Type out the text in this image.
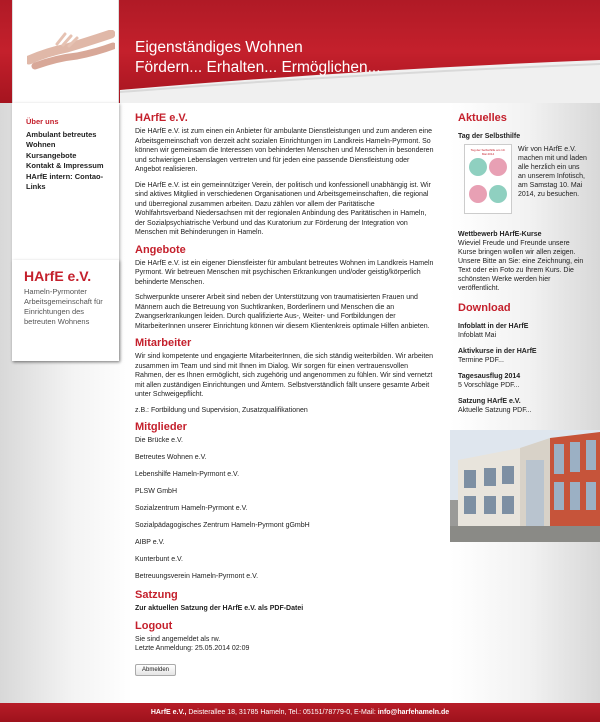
Eigenständiges Wohnen
Fördern... Erhalten... Ermöglichen...
Über uns
Ambulant betreutes Wohnen
Kursangebote
Kontakt & Impressum
HArfE intern: Contao-Links
HArfE e.V.
Hameln-Pyrmonter Arbeitsgemeinschaft für Einrichtungen des betreuten Wohnens
HArfE e.V.

Die HArfE e.V. ist zum einen ein Anbieter für ambulante Dienstleistungen und zum anderen eine Arbeitsgemeinschaft von derzeit acht sozialen Einrichtungen im Landkreis Hameln-Pyrmont. So können wir gemeinsam die Interessen von behinderten Menschen und Menschen in besonderen und schwierigen Lebenslagen vertreten und für jeden eine passende Dienstleistung oder Angebot realisieren.

Die HArfE e.V. ist ein gemeinnütziger Verein, der politisch und konfessionell unabhängig ist. Wir sind aktives Mitglied in verschiedenen Organisationen und Arbeitsgemeinschaften, die regional und überregional zusammen arbeiten. Dazu zählen vor allem der Paritätische Wohlfahrtsverband Niedersachsen mit der regionalen Anbindung des Paritätischen in Hameln, der Sozialpsychiatrische Verbund und das Kuratorium zur Förderung der Integration von Menschen mit Behinderungen in Hameln.

Angebote

Die HArfE e.V. ist ein eigener Dienstleister für ambulant betreutes Wohnen im Landkreis Hameln Pyrmont. Wir betreuen Menschen mit psychischen Erkrankungen und/oder geistig/körperlich behinderte Menschen.

Schwerpunkte unserer Arbeit sind neben der Unterstützung von traumatisierten Frauen und Männern auch die Betreuung von Suchtkranken, Borderlinern und Menschen die an Zwangserkrankungen leiden. Durch qualifizierte Aus-, Weiter- und Fortbildungen der MitarbeiterInnen unserer Einrichtung können wir diesem Klientenkreis optimale Hilfen anbieten.

Mitarbeiter

Wir sind kompetente und engagierte MitarbeiterInnen, die sich ständig weiterbilden. Wir arbeiten zusammen im Team und sind mit Ihnen im Dialog. Wir sorgen für einen vertrauensvollen Rahmen, der es Ihnen ermöglicht, sich zugehörig und angenommen zu fühlen. Wir sind vernetzt mit allen zuständigen Einrichtungen und Ämtern. Selbstverständlich fällt unsere gesamte Arbeit unter Schweigepflicht.

z.B.: Fortbildung und Supervision, Zusatzqualifikationen

Mitglieder
Die Brücke e.V.
Betreutes Wohnen e.V.
Lebenshilfe Hameln-Pyrmont e.V.
PLSW GmbH
Sozialzentrum Hameln-Pyrmont e.V.
Sozialpädagogisches Zentrum Hameln-Pyrmont gGmbH
AIBP e.V.
Kunterbunt e.V.
Betreuungsverein Hameln-Pyrmont e.V.
Satzung

Zur aktuellen Satzung der HArfE e.V. als PDF-Datei

Logout

Sie sind angemeldet als rw.

Letzte Anmeldung: 25.05.2014 02:09

Abmelden
Aktuelles
Tag der Selbsthilfe
Tag der Selbsthilfe am 10. Mai 2014

Wir von HArfE e.V. machen mit und laden alle herzlich ein uns an unserem Infotisch, am Samstag 10. Mai 2014, zu besuchen.

Wettbewerb HArfE-Kurse

Wieviel Freude und Freunde unsere Kurse bringen wollen wir allen zeigen. Unsere Bitte an Sie: eine Zeichnung, ein Text oder ein Foto zu Ihrem Kurs. Die schönsten Werke werden hier veröffentlicht.

Download
Infoblatt in der HArfE

Infoblatt Mai

Aktivkurse in der HArfE

Termine PDF...

Tagesausflug 2014

5 Vorschläge PDF...

Satzung HArfE e.V.

Aktuelle Satzung PDF...

HArfE e.V., Deisterallee 18, 31785 Hameln, Tel.: 05151/78779-0, E-Mail: info@harfehameln.de
